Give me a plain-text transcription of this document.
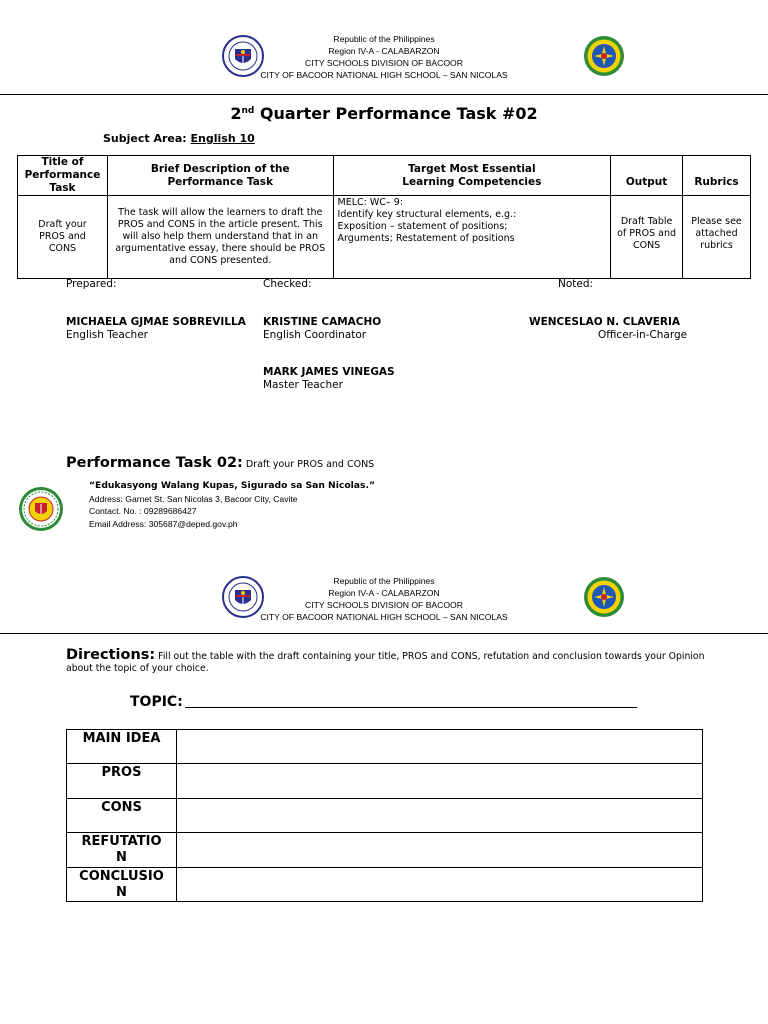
Republic of the Philippines
Region IV-A - CALABARZON
CITY SCHOOLS DIVISION OF BACOOR
CITY OF BACOOR NATIONAL HIGH SCHOOL – SAN NICOLAS
2nd Quarter Performance Task #02
Subject Area: English 10
Title of Performance Task	Brief Description of the Performance Task	Target Most Essential Learning Competencies	Output	Rubrics
Draft your PROS and CONS	The task will allow the learners to draft the PROS and CONS in the article present. This will also help them understand that in an argumentative essay, there should be PROS and CONS presented.	MELC: WC– 9:
Identify key structural elements, e.g.:
Exposition – statement of positions;
Arguments; Restatement of positions	Draft Table of PROS and CONS	Please see attached rubrics
Prepared:	Checked:	Noted:
MICHAELA GJMAE SOBREVILLA
English Teacher
KRISTINE CAMACHO
English Coordinator
MARK JAMES VINEGAS
Master Teacher
WENCESLAO N. CLAVERIA
Officer-in-Charge
Performance Task 02: Draft your PROS and CONS
“Edukasyong Walang Kupas, Sigurado sa San Nicolas.”
Address: Garnet St. San Nicolas 3, Bacoor City, Cavite
Contact. No. : 09289686427
Email Address: 305687@deped.gov.ph
Republic of the Philippines
Region IV-A - CALABARZON
CITY SCHOOLS DIVISION OF BACOOR
CITY OF BACOOR NATIONAL HIGH SCHOOL – SAN NICOLAS
Directions: Fill out the table with the draft containing your title, PROS and CONS, refutation and conclusion towards your Opinion about the topic of your choice.
TOPIC:
MAIN IDEA	
PROS	
CONS	
REFUTATIO N	
CONCLUSIO N	
